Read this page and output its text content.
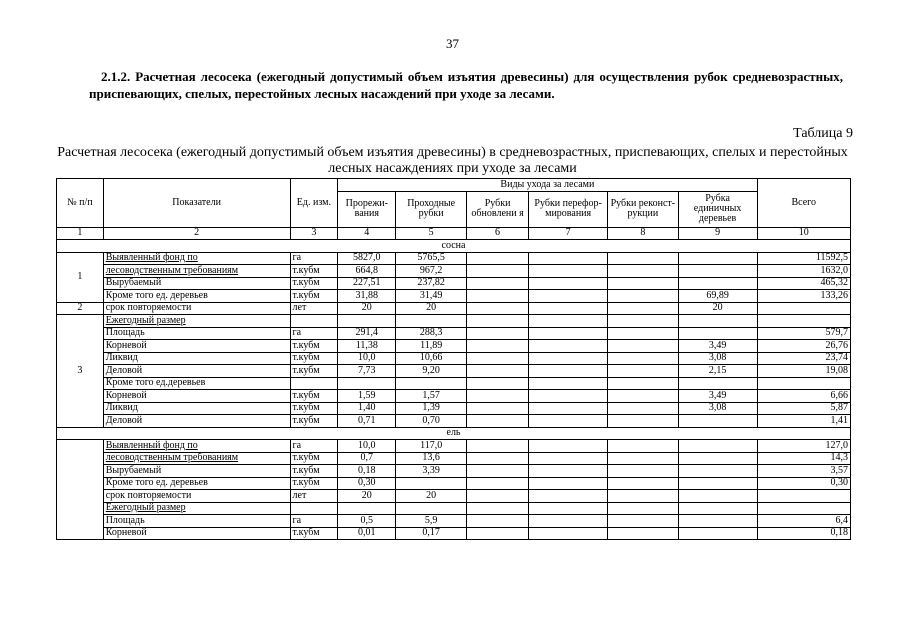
37
2.1.2. Расчетная лесосека (ежегодный допустимый объем изъятия древесины) для осуществления рубок средневозрастных, приспевающих, спелых, перестойных лесных насаждений при уходе за лесами.
Таблица 9
Расчетная лесосека (ежегодный допустимый объем изъятия древесины) в средневозрастных, приспевающих, спелых и перестойных лесных насаждениях при уходе за лесами
№ п/п	Показатели	Ед. изм.	Виды ухода за лесами						Всего
			Прорежи-вания	Проходные рубки	Рубки обновлени я	Рубки перефор-мирования	Рубки реконст-рукции	Рубка единичных деревьев	
1	2	3	4	5	6	7	8	9	10
сосна									
1	Выявленный фонд по	га	5827,0	5765,5					11592,5
	лесоводственным требованиям	т.кубм	664,8	967,2					1632,0
	Вырубаемый	т.кубм	227,51	237,82					465,32
	Кроме того ед. деревьев	т.кубм	31,88	31,49				69,89	133,26
2	срок повторяемости	лет	20	20				20	
3	Ежегодный размер								
	Площадь	га	291,4	288,3					579,7
	Корневой	т.кубм	11,38	11,89				3,49	26,76
	Ликвид	т.кубм	10,0	10,66				3,08	23,74
	Деловой	т.кубм	7,73	9,20				2,15	19,08
	Кроме того ед.деревьев								
	Корневой	т.кубм	1,59	1,57				3,49	6,66
	Ликвид	т.кубм	1,40	1,39				3,08	5,87
	Деловой	т.кубм	0,71	0,70					1,41
ель									
	Выявленный фонд по	га	10,0	117,0					127,0
	лесоводственным требованиям	т.кубм	0,7	13,6					14,3
	Вырубаемый	т.кубм	0,18	3,39					3,57
	Кроме того ед. деревьев	т.кубм	0,30						0,30
	срок повторяемости	лет	20	20					
	Ежегодный размер								
	Площадь	га	0,5	5,9					6,4
	Корневой	т.кубм	0,01	0,17					0,18
